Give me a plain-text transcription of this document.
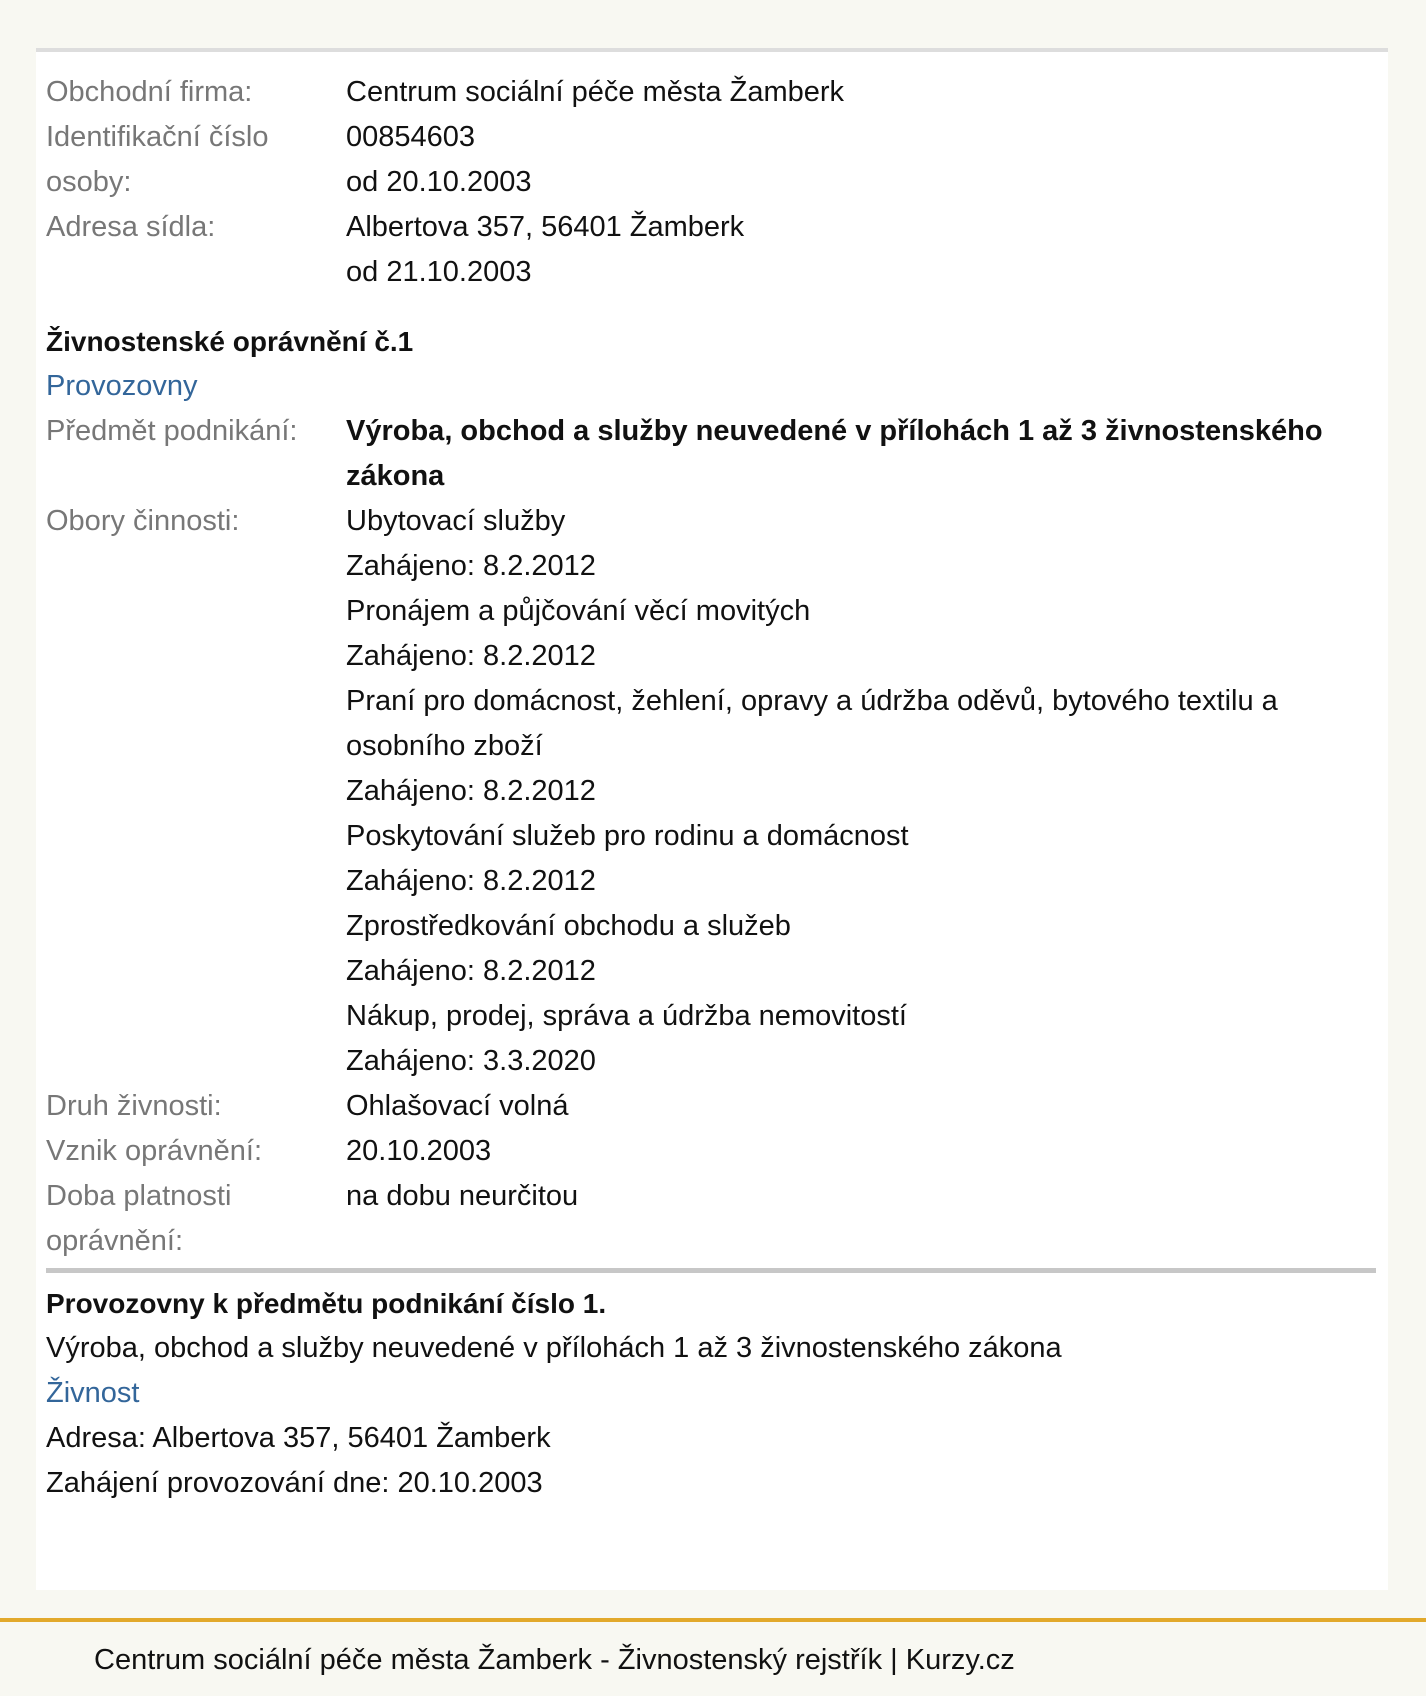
Obchodní firma:	Centrum sociální péče města Žamberk
Identifikační číslo	00854603
osoby:	od 20.10.2003
Adresa sídla:	Albertova 357, 56401 Žamberk
od 21.10.2003
Živnostenské oprávnění č.1
Provozovny
Předmět podnikání:	Výroba, obchod a služby neuvedené v přílohách 1 až 3 živnostenského
zákona
Obory činnosti:	Ubytovací služby
Zahájeno: 8.2.2012
Pronájem a půjčování věcí movitých
Zahájeno: 8.2.2012
Praní pro domácnost, žehlení, opravy a údržba oděvů, bytového textilu a
osobního zboží
Zahájeno: 8.2.2012
Poskytování služeb pro rodinu a domácnost
Zahájeno: 8.2.2012
Zprostředkování obchodu a služeb
Zahájeno: 8.2.2012
Nákup, prodej, správa a údržba nemovitostí
Zahájeno: 3.3.2020
Druh živnosti:	Ohlašovací volná
Vznik oprávnění:	20.10.2003
Doba platnosti
oprávnění:
na dobu neurčitou
Provozovny k předmětu podnikání číslo 1.
Výroba, obchod a služby neuvedené v přílohách 1 až 3 živnostenského zákona
Živnost
Adresa: Albertova 357, 56401 Žamberk
Zahájení provozování dne: 20.10.2003
Centrum sociální péče města Žamberk - Živnostenský rejstřík | Kurzy.cz
